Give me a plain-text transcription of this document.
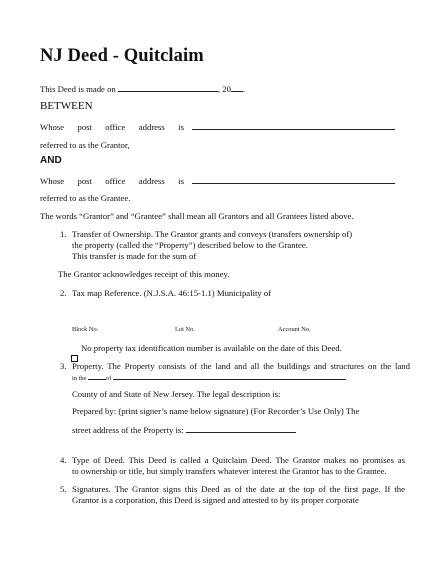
NJ Deed - Quitclaim
This Deed is made on	, 20 .
BETWEEN
Whose post office address is
referred to as the Grantor,
AND
Whose post office address is
referred to as the Grantee.
The words “Grantor” and “Grantee” shall mean all Grantors and all Grantees listed above.
1. Transfer of Ownership. The Grantor grants and conveys (transfers ownership of)
the property (called the “Property”) described below to the Grantee.
This transfer is made for the sum of
The Grantor acknowledges receipt of this money.
2. Tax map Reference. (N.J.S.A. 46:15-1.1) Municipality of
Block No.	Lot No.	Account No.
No property tax identification number is available on the date of this Deed.
3. Property. The Property consists of the land and all the buildings and structures on the land
in the	of
County of and State of New Jersey. The legal description is:
Prepared by: (print signer’s name below signature) (For Recorder’s Use Only) The
street address of the Property is:
4. Type of Deed. This Deed is called a Quitclaim Deed. The Grantor makes no promises as
to ownership or title, but simply transfers whatever interest the Grantor has to the Grantee.
5. Signatures. The Grantor signs this Deed as of the date at the top of the first page. If the
Grantor is a corporation, this Deed is signed and attested to by its proper corporate
